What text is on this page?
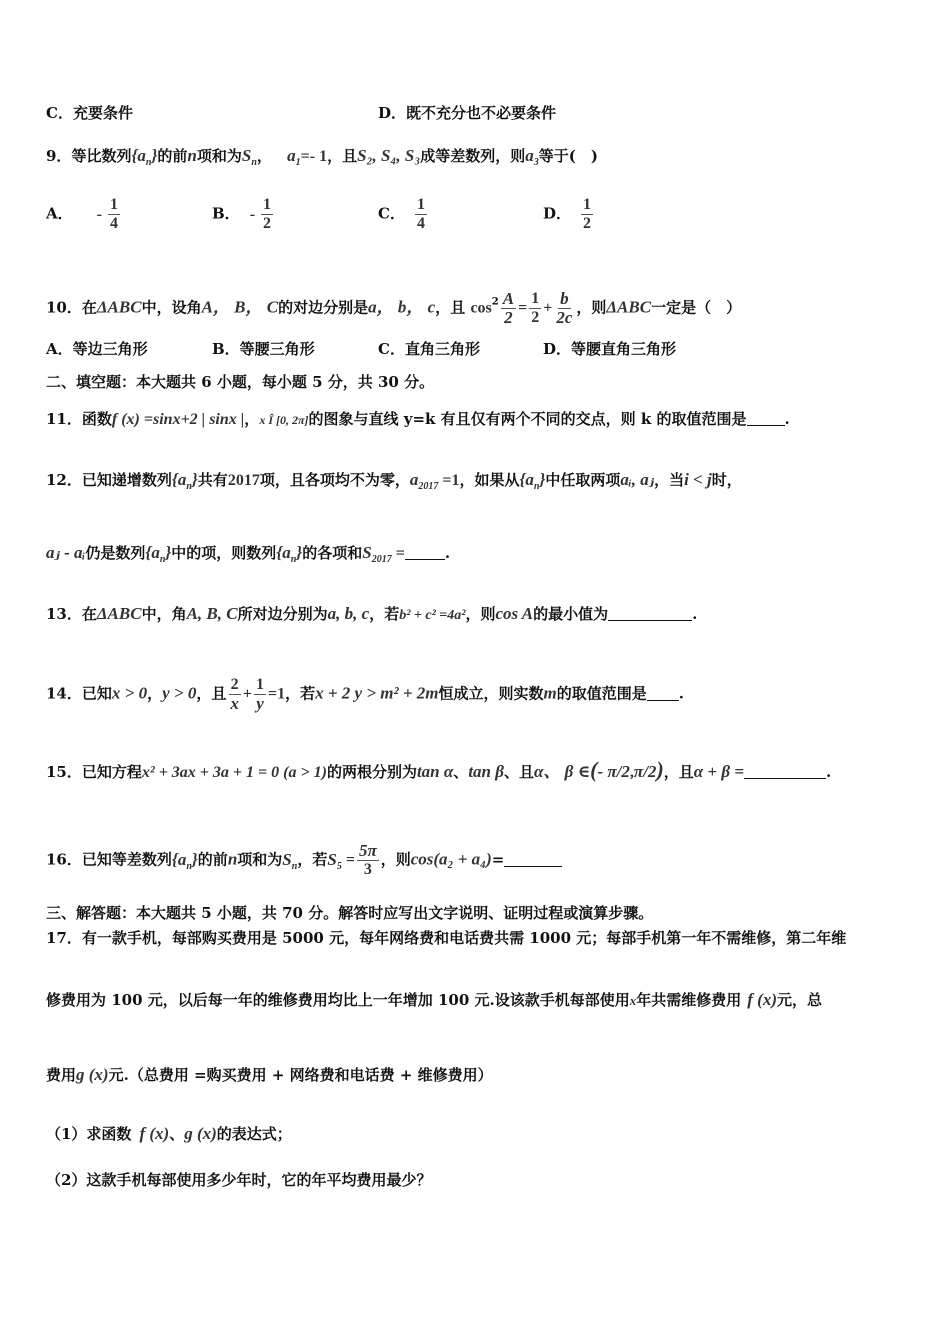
C．充要条件	D．既不充分也不必要条件
9．等比数列$\{a_n\}$的前n项和为$S_n$， $a_1=-$ 1，且S₂, S₄, S₃成等差数列，则$a_3$等于(　)
A． - $\frac{1}{4}$	B． - $\frac{1}{2}$	C． $\frac{1}{4}$	D． $\frac{1}{2}$
10．在ΔABC中，设角A， B， C的对边分别是a， b， c，且 $\cos^2 \frac{A}{2} = \frac{1}{2} + \frac{b}{2c}$ ，则ΔABC一定是（　）
A．等边三角形	B．等腰三角形	C．直角三角形	D．等腰直角三角形
二、填空题：本大题共 6 小题，每小题 5 分，共 30 分。
11．函数f (x) =sinx+2 | sinx |，x Î [0, 2π]的图象与直线 y=k 有且仅有两个不同的交点，则 k 的取值范围是	.
12．已知递增数列$\{a_n\}$共有2017项，且各项均不为零，$a_{2017} =1$，如果从$\{a_n\}$中任取两项aᵢ, aⱼ，当i < j时，
aⱼ - aᵢ仍是数列$\{a_n\}$中的项，则数列$\{a_n\}$的各项和$S_{2017}$ =	.
13．在ΔABC中，角A, B, C所对边分别为a, b, c，若b² + c² =4a²，则cos A的最小值为	.
14．已知x > 0，y > 0，且 $\frac{2}{x} + \frac{1}{y} =1$，若x + 2 y > m² + 2m恒成立，则实数m的取值范围是 .
15．已知方程x² + 3ax + 3a + 1 = 0 (a > 1)的两根分别为tan α、tan β、且α、 β ∈(- π/2,π/2)，且α + β =	.
16．已知等差数列$\{a_n\}$的前n项和为$S_n$，若$S_5 = \frac{5\pi}{3}$ ，则cos(a₂ + a₄)=
三、解答题：本大题共 5 小题，共 70 分。解答时应写出文字说明、证明过程或演算步骤。
17．有一款手机，每部购买费用是 5000 元，每年网络费和电话费共需 1000 元；每部手机第一年不需维修，第二年维
修费用为 100 元，以后每一年的维修费用均比上一年增加 100 元.设该款手机每部使用x年共需维修费用 f (x)元，总
费用g (x)元.（总费用 =购买费用 + 网络费和电话费 + 维修费用）
（1）求函数 f (x)、g (x)的表达式；
（2）这款手机每部使用多少年时，它的年平均费用最少？
